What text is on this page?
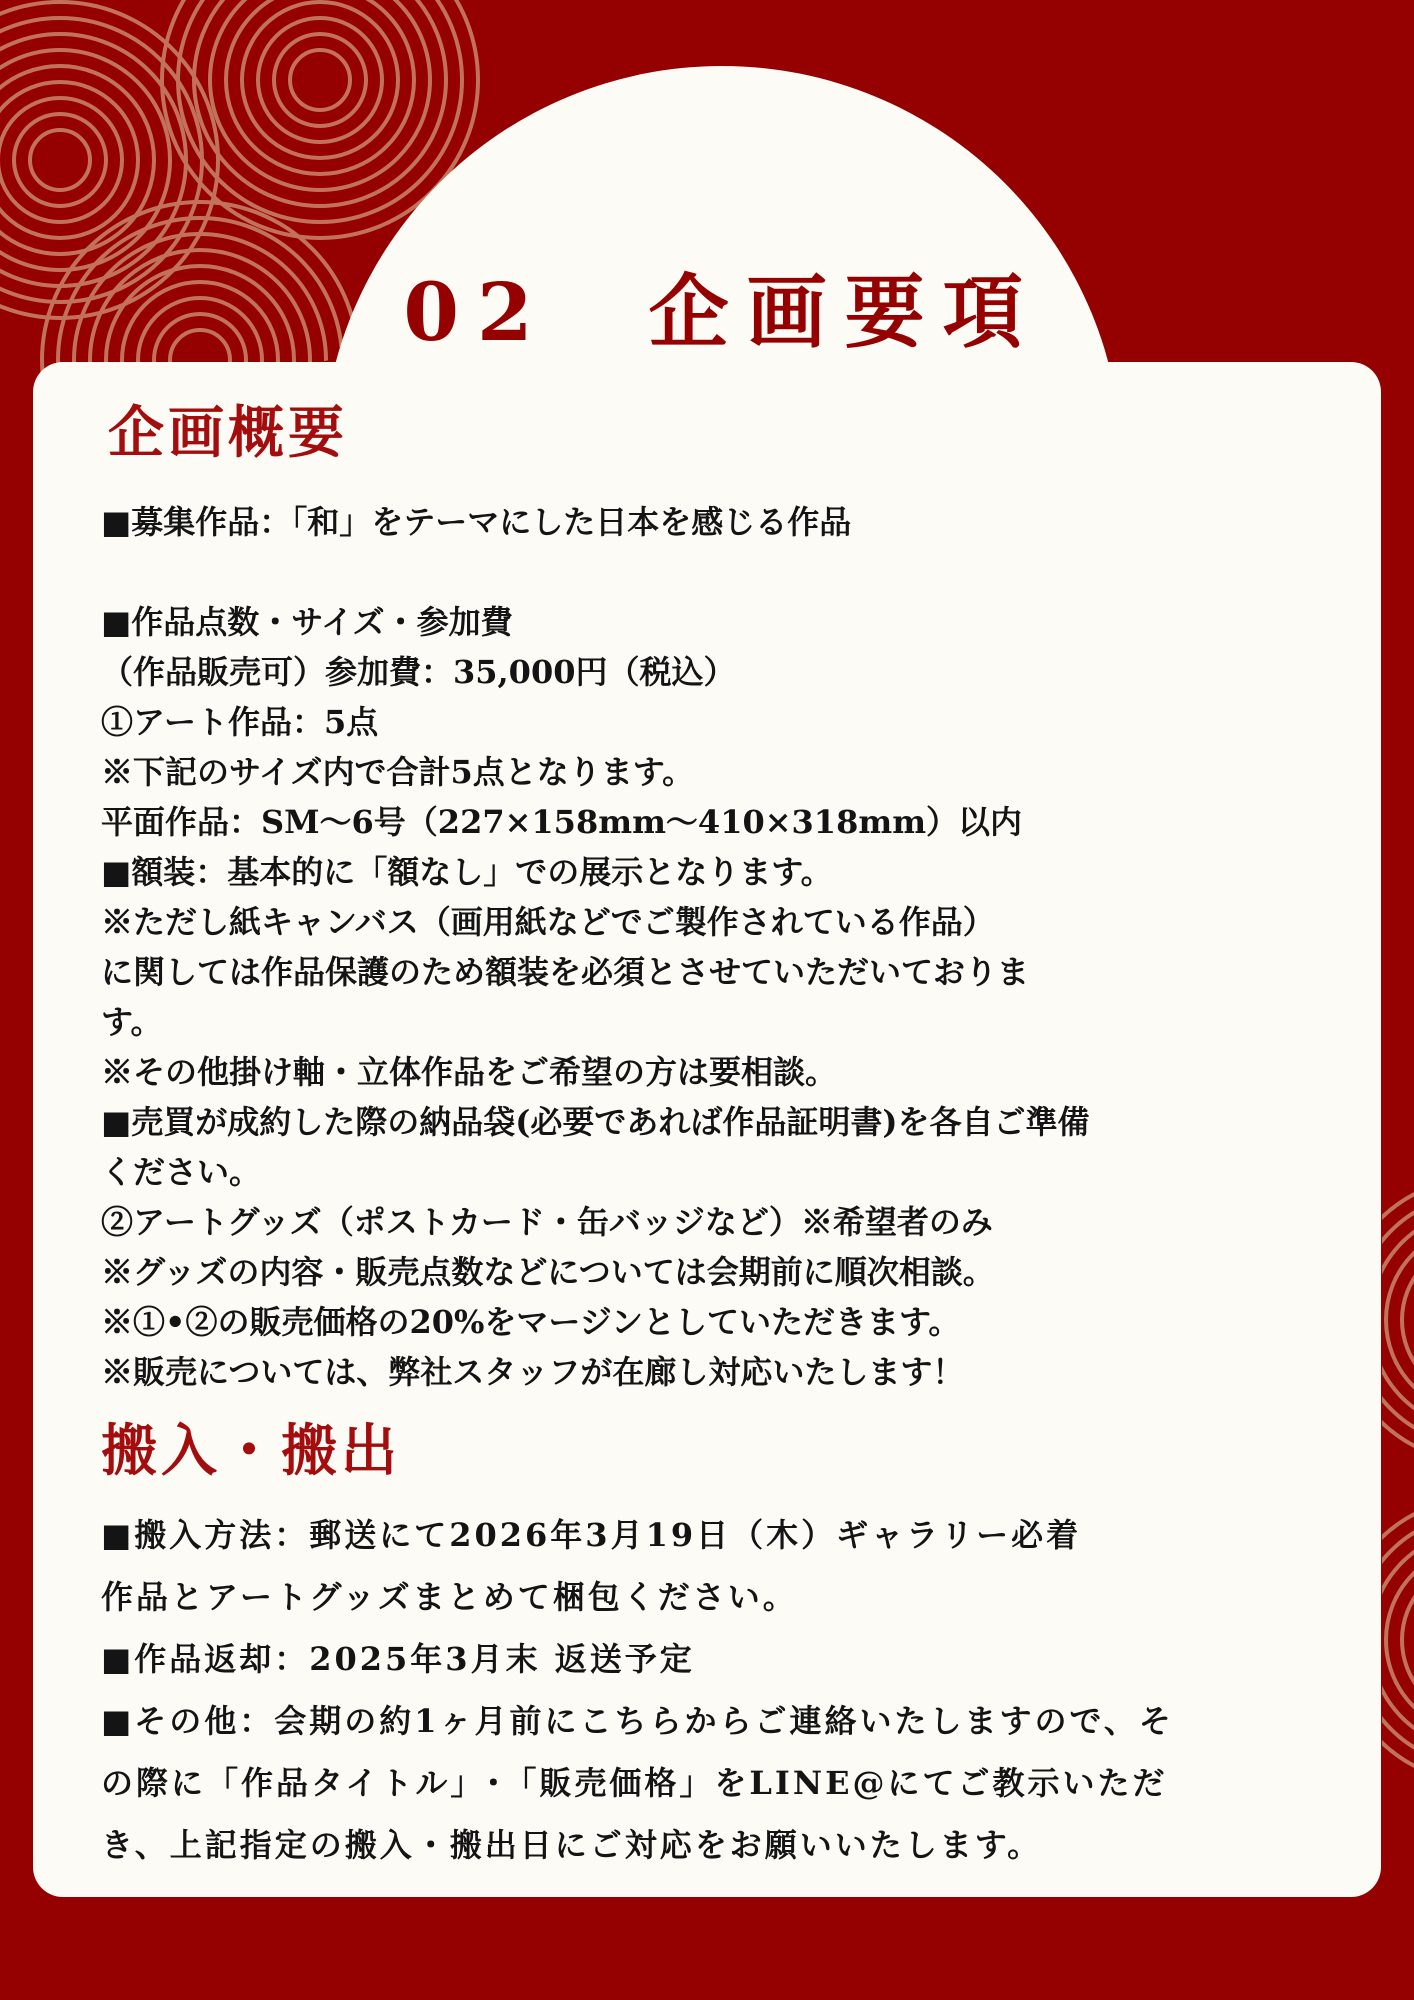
02　企画要項
企画概要

■募集作品：「和」をテーマにした日本を感じる作品

■作品点数・サイズ・参加費

（作品販売可）参加費：35,000円（税込）

①アート作品：5点

※下記のサイズ内で合計5点となります。

平面作品：SM～6号（227×158mm～410×318mm）以内

■額装：基本的に「額なし」での展示となります。

※ただし紙キャンバス（画用紙などでご製作されている作品）

に関しては作品保護のため額装を必須とさせていただいておりま

す。

※その他掛け軸・立体作品をご希望の方は要相談。

■売買が成約した際の納品袋(必要であれば作品証明書)を各自ご準備

ください。

②アートグッズ（ポストカード・缶バッジなど）※希望者のみ

※グッズの内容・販売点数などについては会期前に順次相談。

※①•②の販売価格の20%をマージンとしていただきます。

※販売については、弊社スタッフが在廊し対応いたします！

搬入・搬出

■搬入方法：郵送にて2026年3月19日（木）ギャラリー必着

作品とアートグッズまとめて梱包ください。

■作品返却：2025年3月末 返送予定

■その他：会期の約1ヶ月前にこちらからご連絡いたしますので、そ

の際に「作品タイトル」･「販売価格」をLINE@にてご教示いただ

き、上記指定の搬入・搬出日にご対応をお願いいたします。
